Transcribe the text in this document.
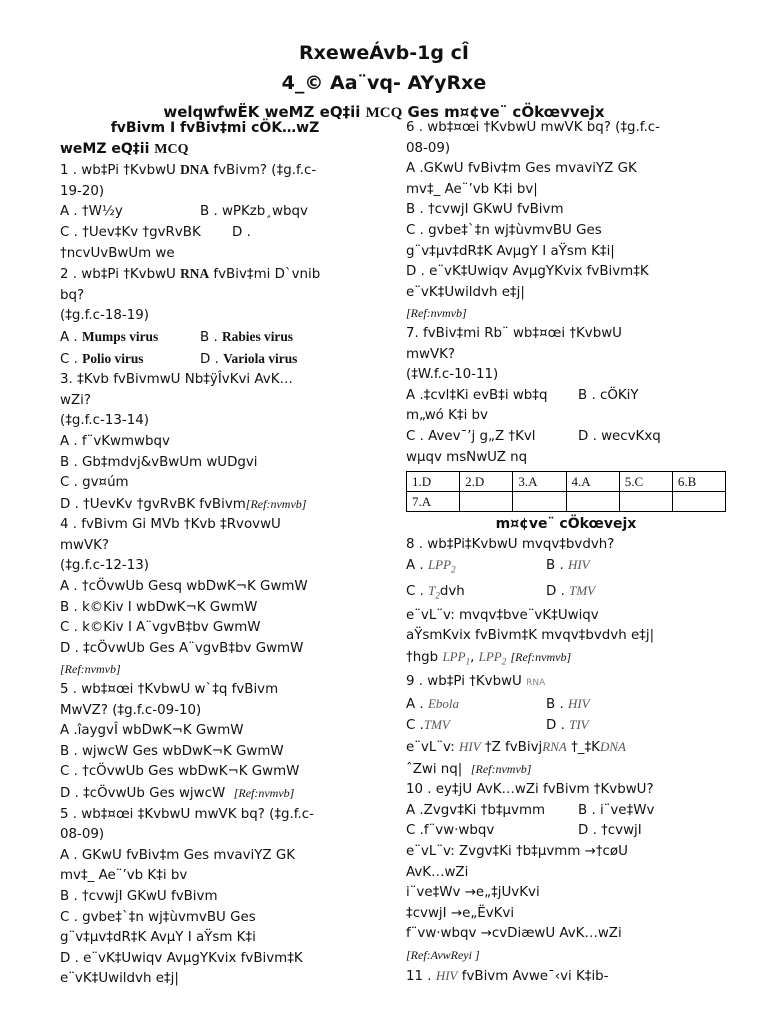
RxeweÁvb-1g cÎ
4_© Aa¨vq- AYyRxe
welqwfwËK weMZ eQ‡ii MCQ Ges m¤¢ve¨ cÖkœvvejx
fvBivm I fvBiv‡mi cÖK…wZ
weMZ eQ‡ii MCQ
1 . wb‡Pi †KvbwU DNA fvBivm? (‡g.f.c-
19-20)
A . †W½y	B . wPKzb¸wbqv
C . †Uev‡Kv †gvRvBK D .
†ncvUvBwUm we
2 . wb‡Pi †KvbwU RNA fvBiv‡mi D`vnib
bq?
(‡g.f.c-18-19)
A . Mumps virus	B . Rabies virus
C . Polio virus	D . Variola virus
3. ‡Kvb fvBivmwU Nb‡ÿÎvKvi AvK…
wZi?
(‡g.f.c-13-14)
A . f¨vKwmwbqv
B . Gb‡mdvj&vBwUm wUDgvi
C . gv¤úm
D . †UevKv †gvRvBK fvBivm[Ref:nvmvb]
4 . fvBivm Gi MVb †Kvb ‡RvovwU
mwVK?
(‡g.f.c-12-13)
A . †cÖvwUb Gesq wbDwK¬K GwmW
B . k©Kiv I wbDwK¬K GwmW
C . k©Kiv I A¨vgvB‡bv GwmW
D . ‡cÖvwUb Ges A¨vgvB‡bv GwmW
[Ref:nvmvb]
5 . wb‡¤œi †KvbwU w`‡q fvBivm
MwVZ? (‡g.f.c-09-10)
A .îaygvÎ wbDwK¬K GwmW
B . wjwcW Ges wbDwK¬K GwmW
C . †cÖvwUb Ges wbDwK¬K GwmW
D . ‡cÖvwUb Ges wjwcW [Ref:nvmvb]
5 . wb‡¤œi ‡KvbwU mwVK bq? (‡g.f.c-
08-09)
A . GKwU fvBiv‡m Ges mvaviYZ GK
mv‡_ Ae¨’vb K‡i bv
B . †cvwjI GKwU fvBivm
C . gvbe‡`‡n wj‡ùvmvBU Ges
g¨v‡µv‡dR‡K AvµY I aŸsm K‡i
D . e¨vK‡Uwiqv AvµgYKvix fvBivm‡K
e¨vK‡Uwildvh e‡j|
6 . wb‡¤œi †KvbwU mwVK bq? (‡g.f.c-
08-09)
A .GKwU fvBiv‡m Ges mvaviYZ GK
mv‡_ Ae¨’vb K‡i bv|
B . †cvwjI GKwU fvBivm
C . gvbe‡`‡n wj‡ùvmvBU Ges
g¨v‡µv‡dR‡K AvµgY I aŸsm K‡i|
D . e¨vK‡Uwiqv AvµgYKvix fvBivm‡K
e¨vK‡Uwildvh e‡j|
[Ref:nvmvb]
7. fvBiv‡mi Rb¨ wb‡¤œi †KvbwU
mwVK?
(‡W.f.c-10-11)
A .‡cvl‡Ki evB‡i wb‡q B . cÖKiY
m„wó K‡i bv
C . Avev¯’j g„Z †Kvl	D . wecvKxq
wµqv msNwUZ nq
1.D	2.D	3.A	4.A	5.C	6.B
7.A					
m¤¢ve¨ cÖkœvejx
8 . wb‡Pi‡KvbwU mvqv‡bvdvh?
A . $LPP_2$	B . HIV
C . $T_2dvh$	D . TMV
e¨vL¨v: mvqv‡bve¨vK‡Uwiqv
aŸsmKvix fvBivm‡K mvqv‡bvdvh e‡j|
†hgb $LPP_1$, $LPP_2$ [Ref:nvmvb]
9 . wb‡Pi †KvbwU RNA
A . Ebola	B . HIV
C .TMV	D . TIV
e¨vL¨v: HIV †Z fvBivjRNA †_‡KDNA
ˆZwi nq| [Ref:nvmvb]
10 . ey‡jU AvK…wZi fvBivm †KvbwU?
A .Zvgv‡Ki †b‡µvmm B . i¨ve‡Wv
C .f¨vw·wbqv	D . †cvwjI
e¨vL¨v: Zvgv‡Ki †b‡µvmm →†cøU
AvK…wZi
i¨ve‡Wv →e„‡jUvKvi
‡cvwjI →e„ËvKvi
f¨vw·wbqv →cvDiæwU AvK…wZi
[Ref:AvwReyi ]
11 . HIV fvBivm Avwe¯‹vi K‡ib-
